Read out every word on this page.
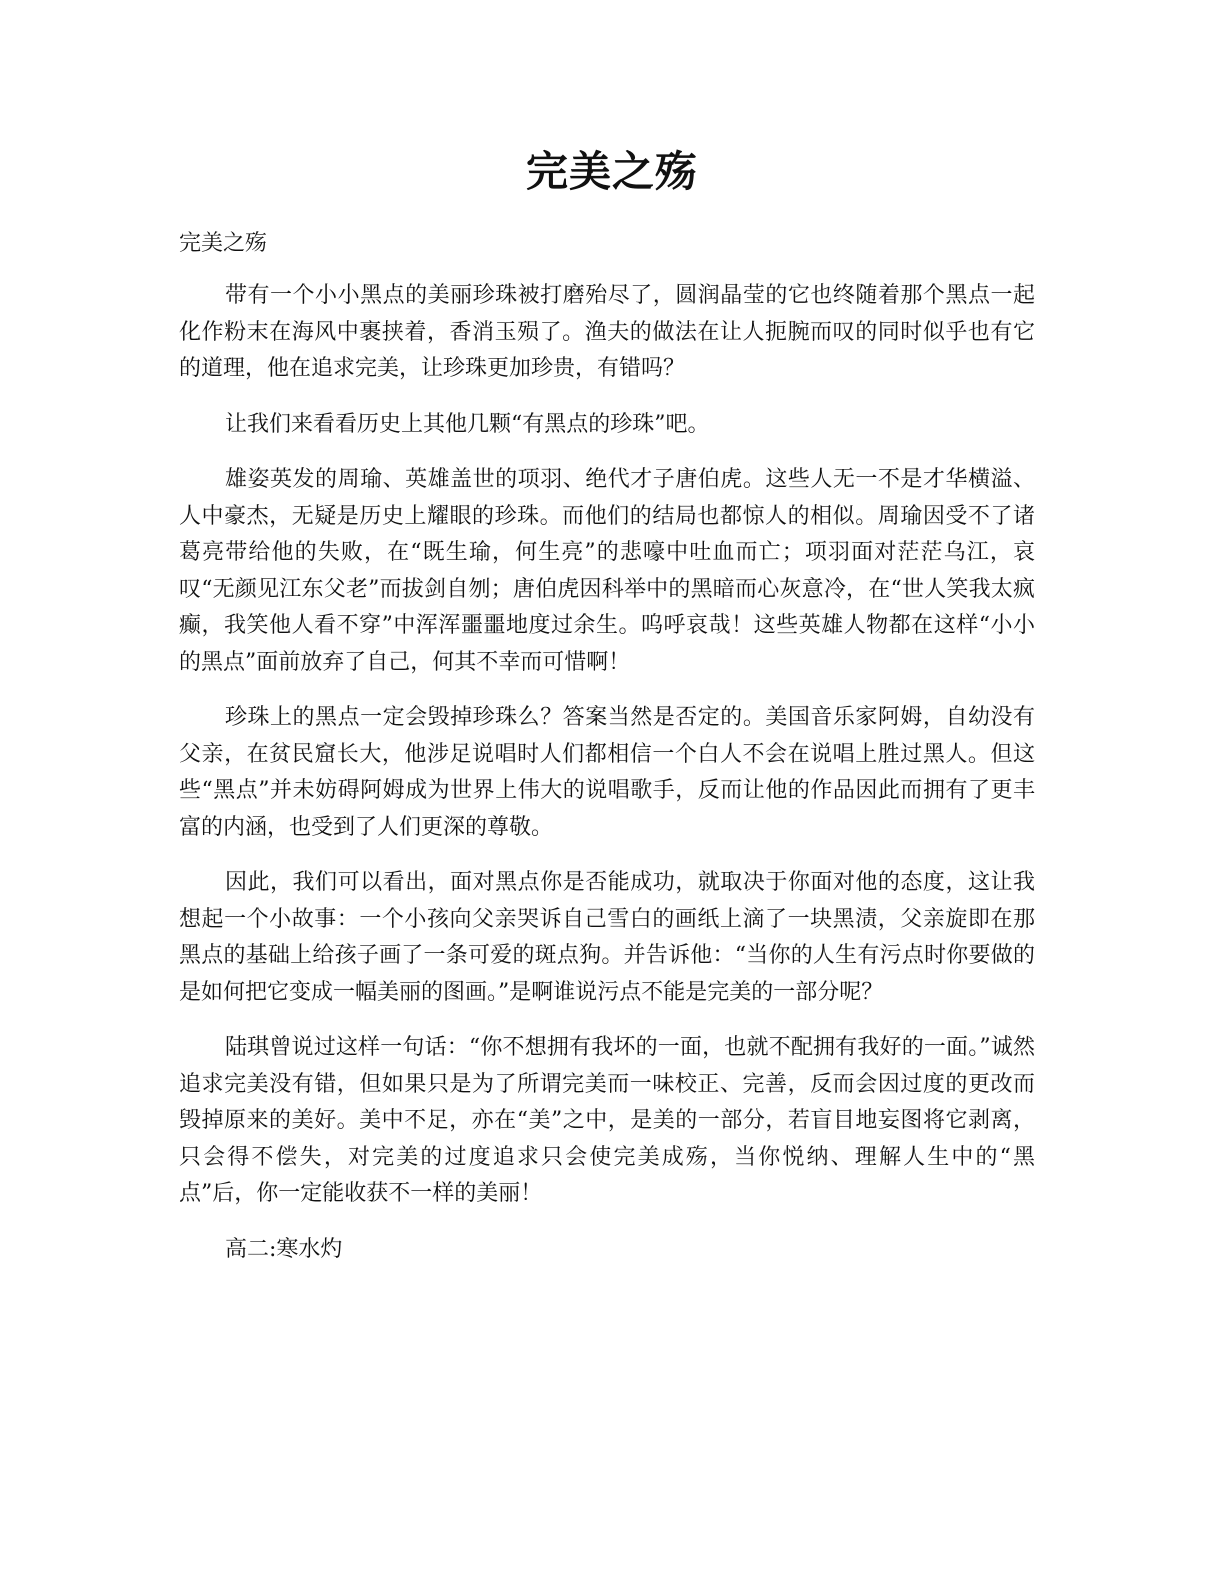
完美之殇

完美之殇

带有一个小小黑点的美丽珍珠被打磨殆尽了，圆润晶莹的它也终随着那个黑点一起化作粉末在海风中裹挟着，香消玉殒了。渔夫的做法在让人扼腕而叹的同时似乎也有它的道理，他在追求完美，让珍珠更加珍贵，有错吗？

让我们来看看历史上其他几颗“有黑点的珍珠”吧。

雄姿英发的周瑜、英雄盖世的项羽、绝代才子唐伯虎。这些人无一不是才华横溢、人中豪杰，无疑是历史上耀眼的珍珠。而他们的结局也都惊人的相似。周瑜因受不了诸葛亮带给他的失败，在“既生瑜，何生亮”的悲嚎中吐血而亡；项羽面对茫茫乌江，哀叹“无颜见江东父老”而拔剑自刎；唐伯虎因科举中的黑暗而心灰意冷，在“世人笑我太疯癫，我笑他人看不穿”中浑浑噩噩地度过余生。呜呼哀哉！这些英雄人物都在这样“小小的黑点”面前放弃了自己，何其不幸而可惜啊！

珍珠上的黑点一定会毁掉珍珠么？答案当然是否定的。美国音乐家阿姆，自幼没有父亲，在贫民窟长大，他涉足说唱时人们都相信一个白人不会在说唱上胜过黑人。但这些“黑点”并未妨碍阿姆成为世界上伟大的说唱歌手，反而让他的作品因此而拥有了更丰富的内涵，也受到了人们更深的尊敬。

因此，我们可以看出，面对黑点你是否能成功，就取决于你面对他的态度，这让我想起一个小故事：一个小孩向父亲哭诉自己雪白的画纸上滴了一块黑渍，父亲旋即在那黑点的基础上给孩子画了一条可爱的斑点狗。并告诉他：“当你的人生有污点时你要做的是如何把它变成一幅美丽的图画。”是啊谁说污点不能是完美的一部分呢？

陆琪曾说过这样一句话：“你不想拥有我坏的一面，也就不配拥有我好的一面。”诚然追求完美没有错，但如果只是为了所谓完美而一味校正、完善，反而会因过度的更改而毁掉原来的美好。美中不足，亦在“美”之中，是美的一部分，若盲目地妄图将它剥离，只会得不偿失，对完美的过度追求只会使完美成殇，当你悦纳、理解人生中的“黑点”后，你一定能收获不一样的美丽！

高二:寒水灼
